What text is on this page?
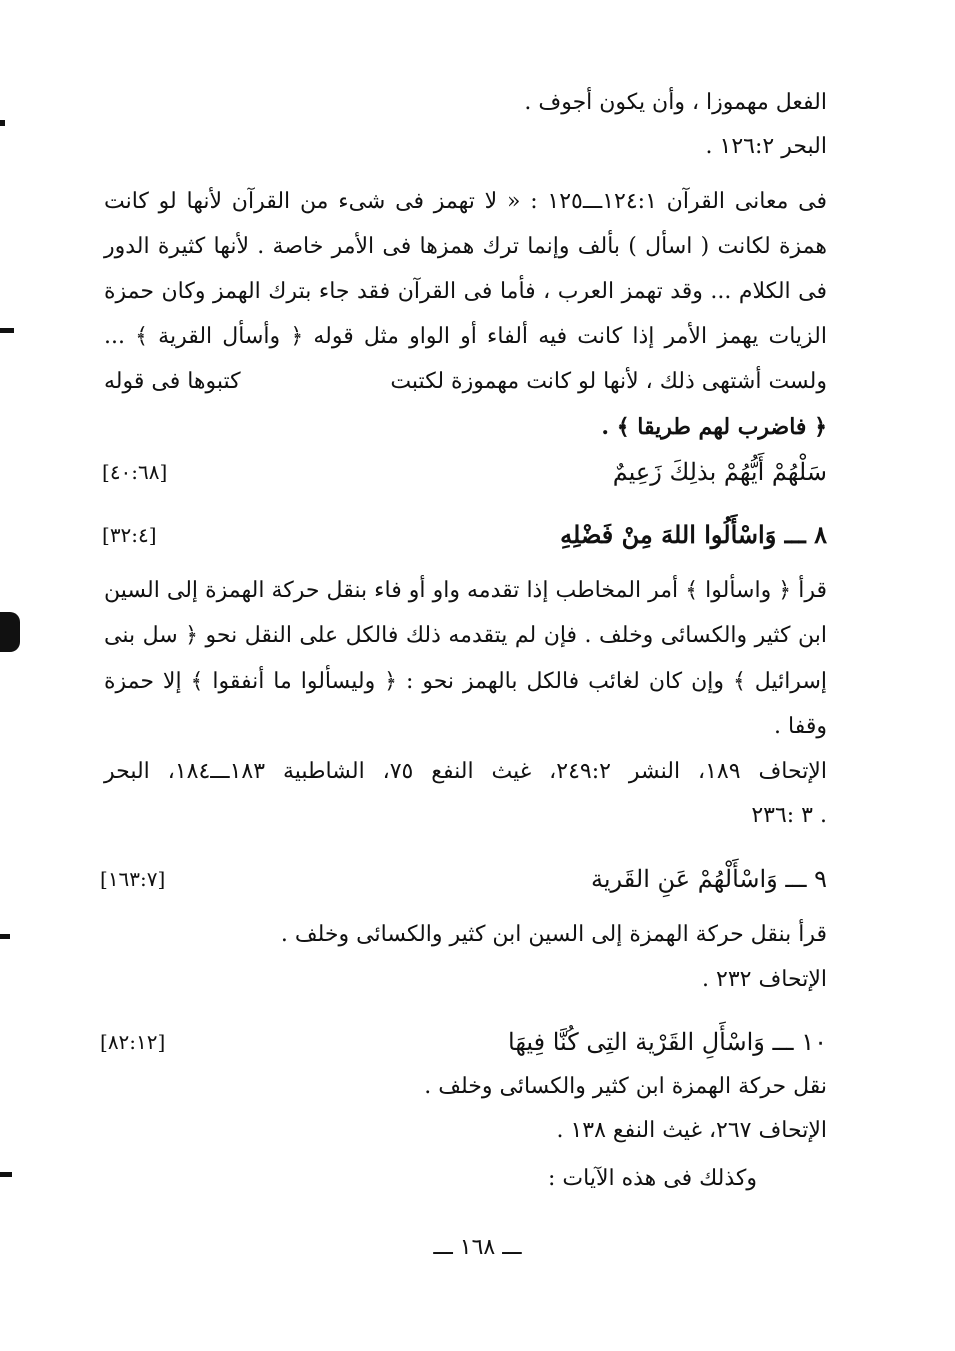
الفعل مهموزا ، وأن يكون أجوف .
البحر ١٢٦:٢ .
فى معانى القرآن ١٢٤:١ـــ١٢٥ : « لا تهمز فى شىء من القرآن لأنها لو كانت
همزة لكانت ( اسأل ) بألف وإنما ترك همزها فى الأمر خاصة . لأنها كثيرة الدور
فى الكلام ... وقد تهمز العرب ، فأما فى القرآن فقد جاء بترك الهمز وكان حمزة
الزيات يهمز الأمر إذا كانت فيه ألفاء أو الواو مثل قوله ﴿ وأسأل القرية ﴾ ...
ولست أشتهى ذلك ، لأنها لو كانت مهموزة لكتبت
كتبوها فى قوله
﴿ فاضرب لهم طريقا ﴾ .
سَلْهُمْ أَيُّهُمْ بذلِكَ زَعِيمٌ
[٤٠:٦٨]
٨ ـــ وَاسْأَلُوا اللهَ مِنْ فَضْلِهِ
[٣٢:٤]
قرأ ﴿ واسألوا ﴾ أمر المخاطب إذا تقدمه واو أو فاء بنقل حركة الهمزة إلى السين
ابن كثير والكسائى وخلف . فإن لم يتقدمه ذلك فالكل على النقل نحو ﴿ سل بنى
إسرائيل ﴾ وإن كان لغائب فالكل بالهمز نحو : ﴿ وليسألوا ما أنفقوا ﴾ إلا حمزة
وقفا .
الإتحاف ١٨٩، النشر ٢٤٩:٢، غيث النفع ٧٥، الشاطبية ١٨٣ـــ١٨٤، البحر
٣ :٢٣٦ .
٩ ـــ وَاسْأَلْهُمْ عَنِ القَرية
[١٦٣:٧]
قرأ بنقل حركة الهمزة إلى السين ابن كثير والكسائى وخلف .
الإتحاف ٢٣٢ .
١٠ ـــ وَاسْأَلِ القَرْية التِى كُنَّا فِيهَا
[٨٢:١٢]
نقل حركة الهمزة ابن كثير والكسائى وخلف .
الإتحاف ٢٦٧، غيث النفع ١٣٨ .
وكذلك فى هذه الآيات :
ـــ ١٦٨ ـــ
